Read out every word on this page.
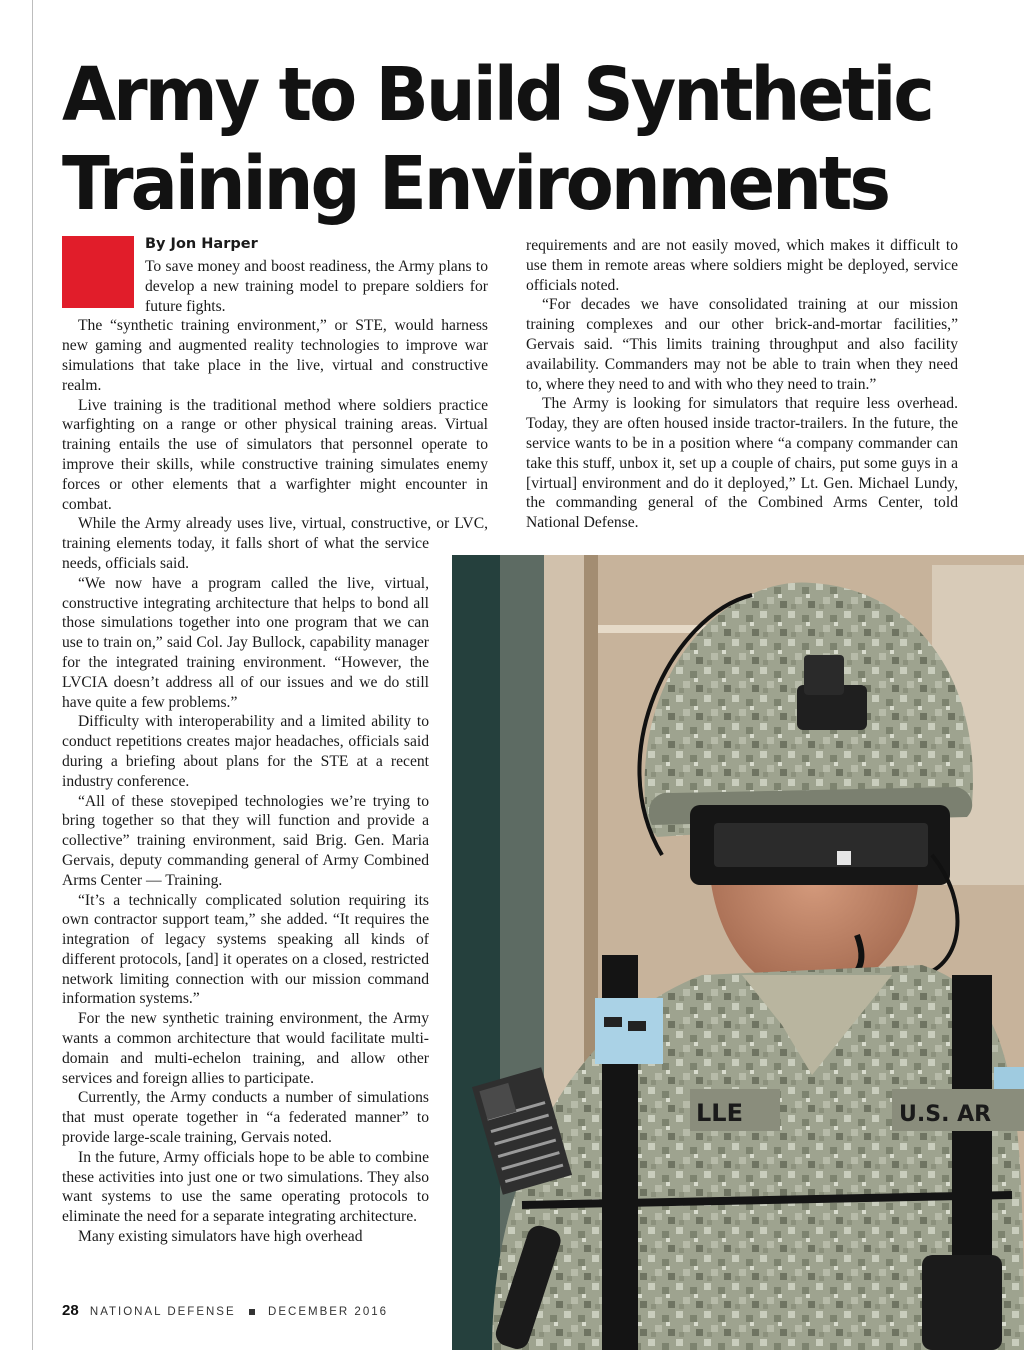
Army to Build Synthetic
Training Environments
By Jon Harper

To save money and boost readiness, the Army plans to develop a new training model to prepare soldiers for future fights.

The “synthetic training environment,” or STE, would harness new gaming and augmented reality technologies to improve war simulations that take place in the live, virtual and constructive realm.

Live training is the traditional method where soldiers practice warfighting on a range or other physical training areas. Virtual training entails the use of simulators that personnel operate to improve their skills, while constructive training simulates enemy forces or other elements that a warfighter might encounter in combat.

While the Army already uses live, virtual, constructive, or LVC, training elements today, it falls short of what the service needs, officials said.

“We now have a program called the live, virtual, constructive integrating architecture that helps to bond all those simulations together into one program that we can use to train on,” said Col. Jay Bullock, capability manager for the integrated training environment. “However, the LVCIA doesn’t address all of our issues and we do still have quite a few problems.”

Difficulty with interoperability and a limited ability to conduct repetitions creates major headaches, officials said during a briefing about plans for the STE at a recent industry conference.

“All of these stovepiped technologies we’re trying to bring together so that they will function and provide a collective” training environment, said Brig. Gen. Maria Gervais, deputy commanding general of Army Combined Arms Center — Training.

“It’s a technically complicated solution requiring its own contractor support team,” she added. “It requires the integration of legacy systems speaking all kinds of different protocols, [and] it operates on a closed, restricted network limiting connection with our mission command information systems.”

For the new synthetic training environment, the Army wants a common architecture that would facilitate multi-domain and multi-echelon training, and allow other services and foreign allies to participate.

Currently, the Army conducts a number of simulations that must operate together in “a federated manner” to provide large-scale training, Gervais noted.

In the future, Army officials hope to be able to combine these activities into just one or two simulations. They also want systems to use the same operating protocols to eliminate the need for a separate integrating architecture.

Many existing simulators have high overhead

requirements and are not easily moved, which makes it difficult to use them in remote areas where soldiers might be deployed, service officials noted.

“For decades we have consolidated training at our mission training complexes and our other brick-and-mortar facilities,” Gervais said. “This limits training throughput and also facility availability. Commanders may not be able to train when they need to, where they need to and with who they need to train.”

The Army is looking for simulators that require less overhead. Today, they are often housed inside tractor-trailers. In the future, the service wants to be in a position where “a company commander can take this stuff, unbox it, set up a couple of chairs, put some guys in a [virtual] environment and do it deployed,” Lt. Gen. Michael Lundy, the commanding general of the Combined Arms Center, told National Defense.

LLE	U.S. AR
28 NATIONAL DEFENSE	DECEMBER 2016
